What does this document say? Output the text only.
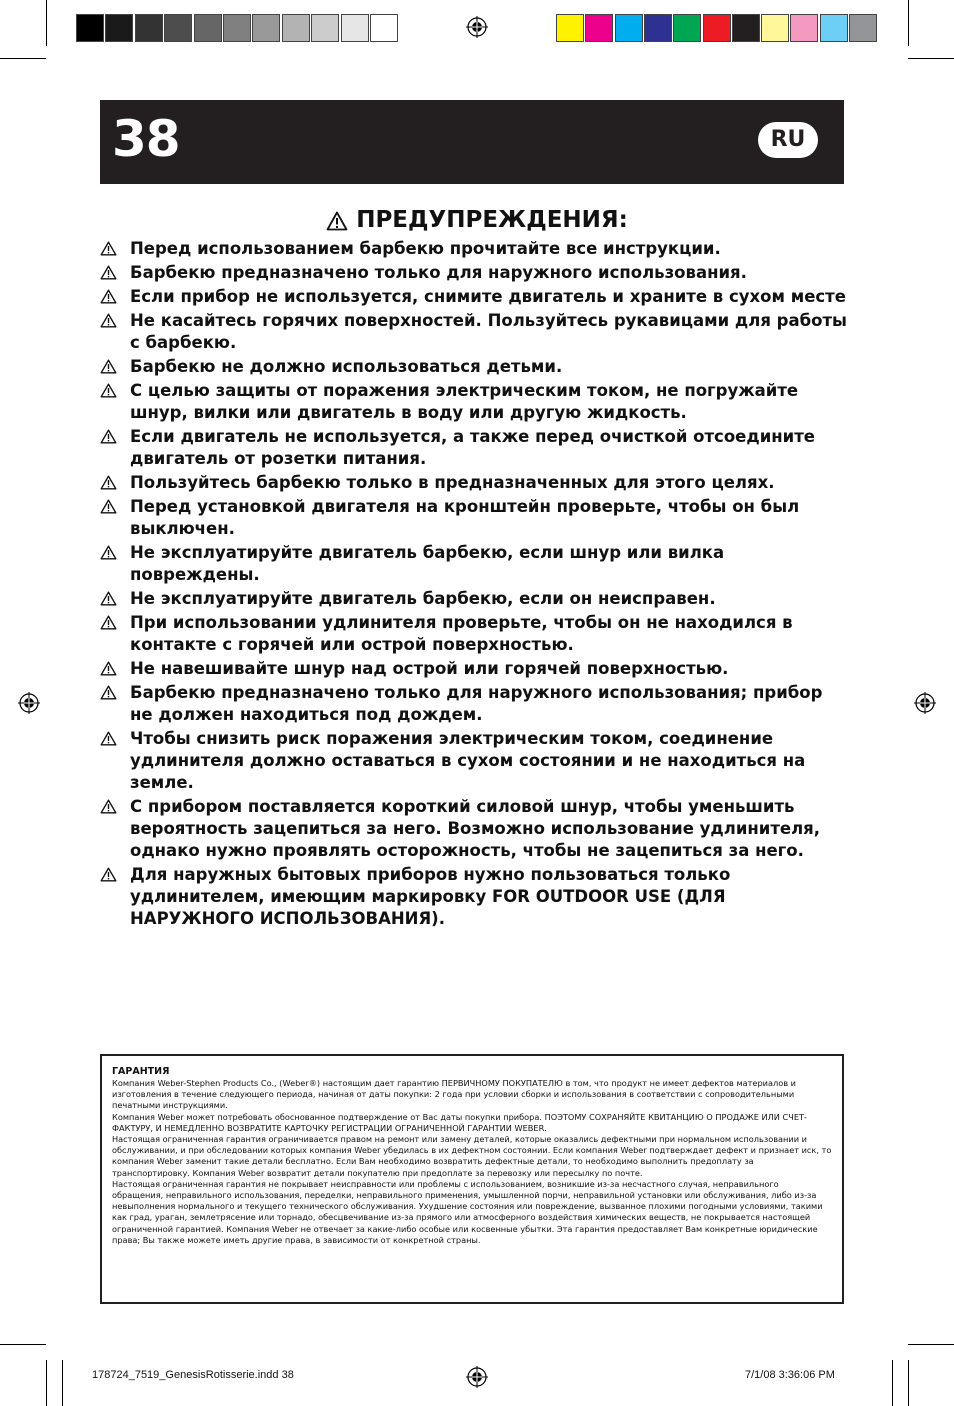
38	RU
ПРЕДУПРЕЖДЕНИЯ:
Перед использованием барбекю прочитайте все инструкции.
Барбекю предназначено только для наружного использования.
Если прибор не используется, снимите двигатель и храните в сухом месте
Не касайтесь горячих поверхностей. Пользуйтесь рукавицами для работы с барбекю.
Барбекю не должно использоваться детьми.
С целью защиты от поражения электрическим током, не погружайте шнур, вилки или двигатель в воду или другую жидкость.
Если двигатель не используется, а также перед очисткой отсоедините двигатель от розетки питания.
Пользуйтесь барбекю только в предназначенных для этого целях.
Перед установкой двигателя на кронштейн проверьте, чтобы он был выключен.
Не эксплуатируйте двигатель барбекю, если шнур или вилка повреждены.
Не эксплуатируйте двигатель барбекю, если он неисправен.
При использовании удлинителя проверьте, чтобы он не находился в контакте с горячей или острой поверхностью.
Не навешивайте шнур над острой или горячей поверхностью.
Барбекю предназначено только для наружного использования; прибор не должен находиться под дождем.
Чтобы снизить риск поражения электрическим током, соединение удлинителя должно оставаться в сухом состоянии и не находиться на земле.
С прибором поставляется короткий силовой шнур, чтобы уменьшить вероятность зацепиться за него. Возможно использование удлинителя, однако нужно проявлять осторожность, чтобы не зацепиться за него.
Для наружных бытовых приборов нужно пользоваться только удлинителем, имеющим маркировку FOR OUTDOOR USE (ДЛЯ НАРУЖНОГО ИСПОЛЬЗОВАНИЯ).
ГАРАНТИЯ

Компания Weber-Stephen Products Co., (Weber®) настоящим дает гарантию ПЕРВИЧНОМУ ПОКУПАТЕЛЮ в том, что продукт не имеет дефектов материалов и изготовления в течение следующего периода, начиная от даты покупки: 2 года при условии сборки и использования в соответствии с сопроводительными печатными инструкциями.

Компания Weber может потребовать обоснованное подтверждение от Вас даты покупки прибора. ПОЭТОМУ СОХРАНЯЙТЕ КВИТАНЦИЮ О ПРОДАЖЕ ИЛИ СЧЕТ-ФАКТУРУ, И НЕМЕДЛЕННО ВОЗВРАТИТЕ КАРТОЧКУ РЕГИСТРАЦИИ ОГРАНИЧЕННОЙ ГАРАНТИИ WEBER.

Настоящая ограниченная гарантия ограничивается правом на ремонт или замену деталей, которые оказались дефектными при нормальном использовании и обслуживании, и при обследовании которых компания Weber убедилась в их дефектном состоянии. Если компания Weber подтверждает дефект и признает иск, то компания Weber заменит такие детали бесплатно. Если Вам необходимо возвратить дефектные детали, то необходимо выполнить предоплату за транспортировку. Компания Weber возвратит детали покупателю при предоплате за перевозку или пересылку по почте.

Настоящая ограниченная гарантия не покрывает неисправности или проблемы с использованием, возникшие из-за несчастного случая, неправильного обращения, неправильного использования, переделки, неправильного применения, умышленной порчи, неправильной установки или обслуживания, либо из-за невыполнения нормального и текущего технического обслуживания. Ухудшение состояния или повреждение, вызванное плохими погодными условиями, такими как град, ураган, землетрясение или торнадо, обесцвечивание из-за прямого или атмосферного воздействия химических веществ, не покрывается настоящей ограниченной гарантией. Компания Weber не отвечает за какие-либо особые или косвенные убытки. Эта гарантия предоставляет Вам конкретные юридические права; Вы также можете иметь другие права, в зависимости от конкретной страны.

178724_7519_GenesisRotisserie.indd 38	7/1/08 3:36:06 PM
